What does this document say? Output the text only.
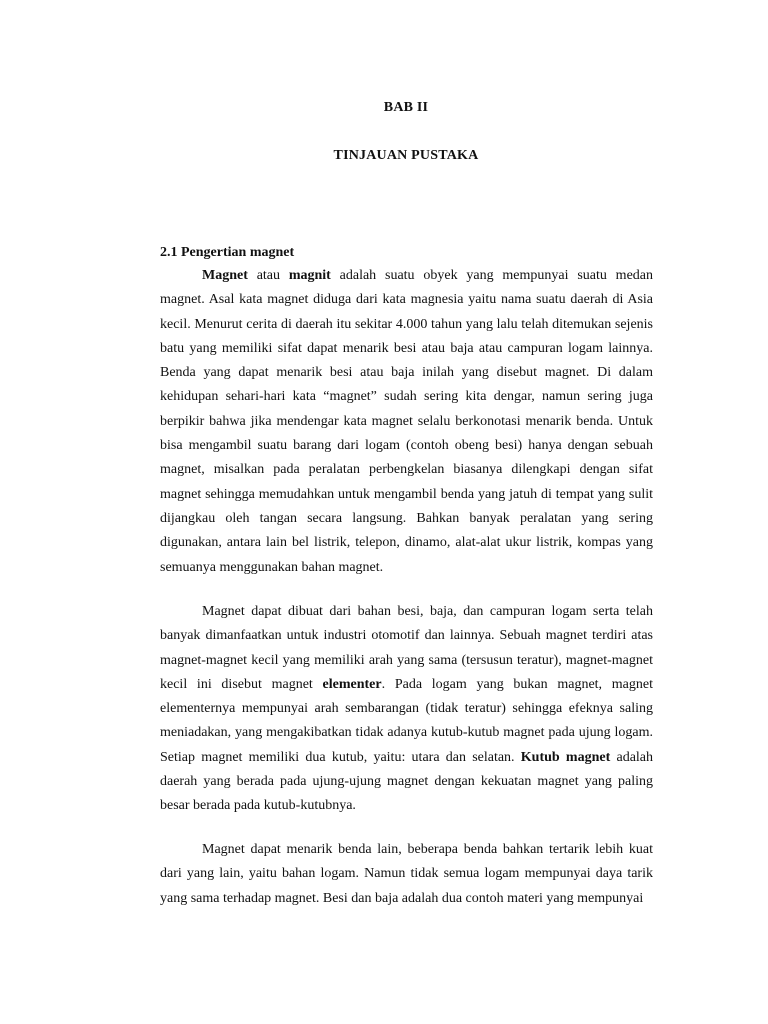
BAB II
TINJAUAN PUSTAKA
2.1 Pengertian magnet

Magnet atau magnit adalah suatu obyek yang mempunyai suatu medan magnet. Asal kata magnet diduga dari kata magnesia yaitu nama suatu daerah di Asia kecil. Menurut cerita di daerah itu sekitar 4.000 tahun yang lalu telah ditemukan sejenis batu yang memiliki sifat dapat menarik besi atau baja atau campuran logam lainnya. Benda yang dapat menarik besi atau baja inilah yang disebut magnet. Di dalam kehidupan sehari-hari kata “magnet” sudah sering kita dengar, namun sering juga berpikir bahwa jika mendengar kata magnet selalu berkonotasi menarik benda. Untuk bisa mengambil suatu barang dari logam (contoh obeng besi) hanya dengan sebuah magnet, misalkan pada peralatan perbengkelan biasanya dilengkapi dengan sifat magnet sehingga memudahkan untuk mengambil benda yang jatuh di tempat yang sulit dijangkau oleh tangan secara langsung. Bahkan banyak peralatan yang sering digunakan, antara lain bel listrik, telepon, dinamo, alat-alat ukur listrik, kompas yang semuanya menggunakan bahan magnet.

Magnet dapat dibuat dari bahan besi, baja, dan campuran logam serta telah banyak dimanfaatkan untuk industri otomotif dan lainnya. Sebuah magnet terdiri atas magnet-magnet kecil yang memiliki arah yang sama (tersusun teratur), magnet-magnet kecil ini disebut magnet elementer. Pada logam yang bukan magnet, magnet elementernya mempunyai arah sembarangan (tidak teratur) sehingga efeknya saling meniadakan, yang mengakibatkan tidak adanya kutub-kutub magnet pada ujung logam. Setiap magnet memiliki dua kutub, yaitu: utara dan selatan. Kutub magnet adalah daerah yang berada pada ujung-ujung magnet dengan kekuatan magnet yang paling besar berada pada kutub-kutubnya.

Magnet dapat menarik benda lain, beberapa benda bahkan tertarik lebih kuat dari yang lain, yaitu bahan logam. Namun tidak semua logam mempunyai daya tarik yang sama terhadap magnet. Besi dan baja adalah dua contoh materi yang mempunyai
